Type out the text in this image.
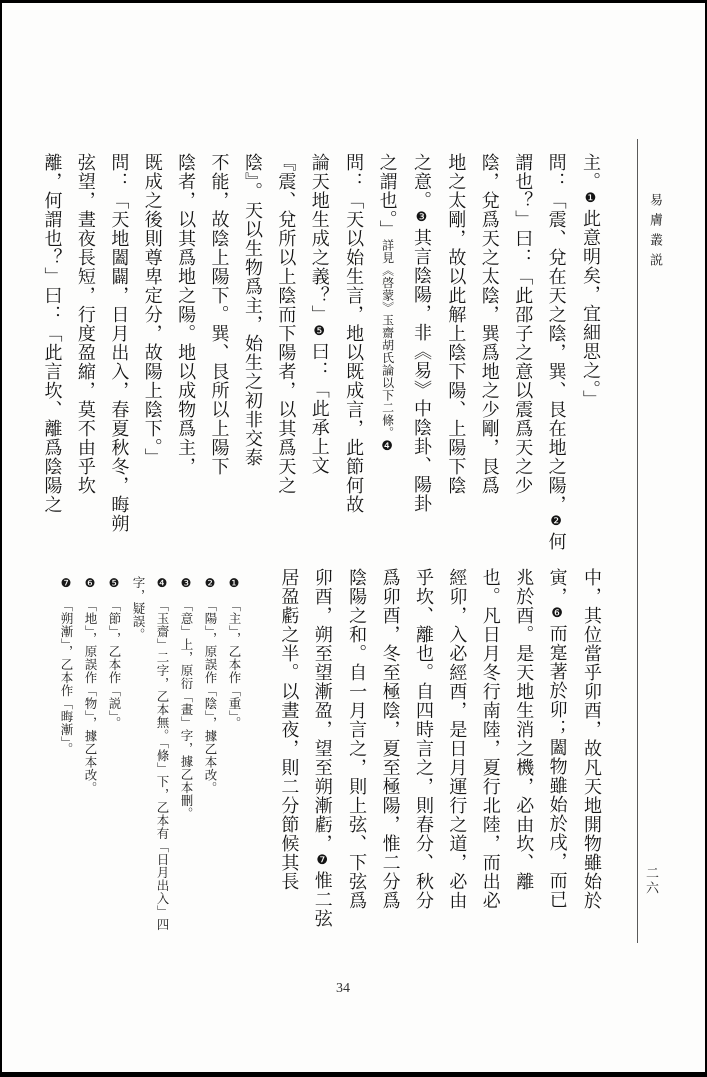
易膚叢説
二六

主。❶此意明矣，宜細思之。」

問：「震、兌在天之陰，巽、艮在地之陽，❷何

謂也？」曰：「此邵子之意以震爲天之少

陰，兌爲天之太陰，巽爲地之少剛，艮爲

地之太剛，故以此解上陰下陽、上陽下陰

之意。❸其言陰陽，非《易》中陰卦、陽卦

之謂也。」詳見《啓蒙》玉齋胡氏論以下二條。❹

問：「天以始生言，地以既成言，此節何故

論天地生成之義？」❺曰：「此承上文

『震、兌所以上陰而下陽者，以其爲天之

陰』。天以生物爲主，始生之初非交泰

不能，故陰上陽下。巽、艮所以上陽下

陰者，以其爲地之陽。地以成物爲主，

既成之後則尊卑定分，故陽上陰下。」

問：「天地闔闢，日月出入，春夏秋冬，晦朔

弦望，晝夜長短，行度盈縮，莫不由乎坎

離，何謂也？」曰：「此言坎、離爲陰陽之

中，其位當乎卯酉，故凡天地開物雖始於

寅，❻而寔著於卯；闔物雖始於戌，而已

兆於酉。是天地生消之機，必由坎、離

也。凡日月冬行南陸，夏行北陸，而出必

經卯，入必經酉，是日月運行之道，必由

乎坎、離也。自四時言之，則春分、秋分

爲卯酉，冬至極陰，夏至極陽，惟二分爲

陰陽之和。自一月言之，則上弦、下弦爲

卯酉，朔至望漸盈，望至朔漸虧，❼惟二弦

居盈虧之半。以晝夜，則二分節候其長

❶「主」，乙本作「重」。

❷「陽」，原誤作「陰」，據乙本改。

❸「意」上，原衍「畫」字，據乙本刪。

❹「玉齋」二字，乙本無。「條」下，乙本有「日月出入」四

字，疑誤。

❺「節」，乙本作「説」。

❻「地」，原誤作「物」，據乙本改。

❼「朔漸」，乙本作「晦漸」。

34
